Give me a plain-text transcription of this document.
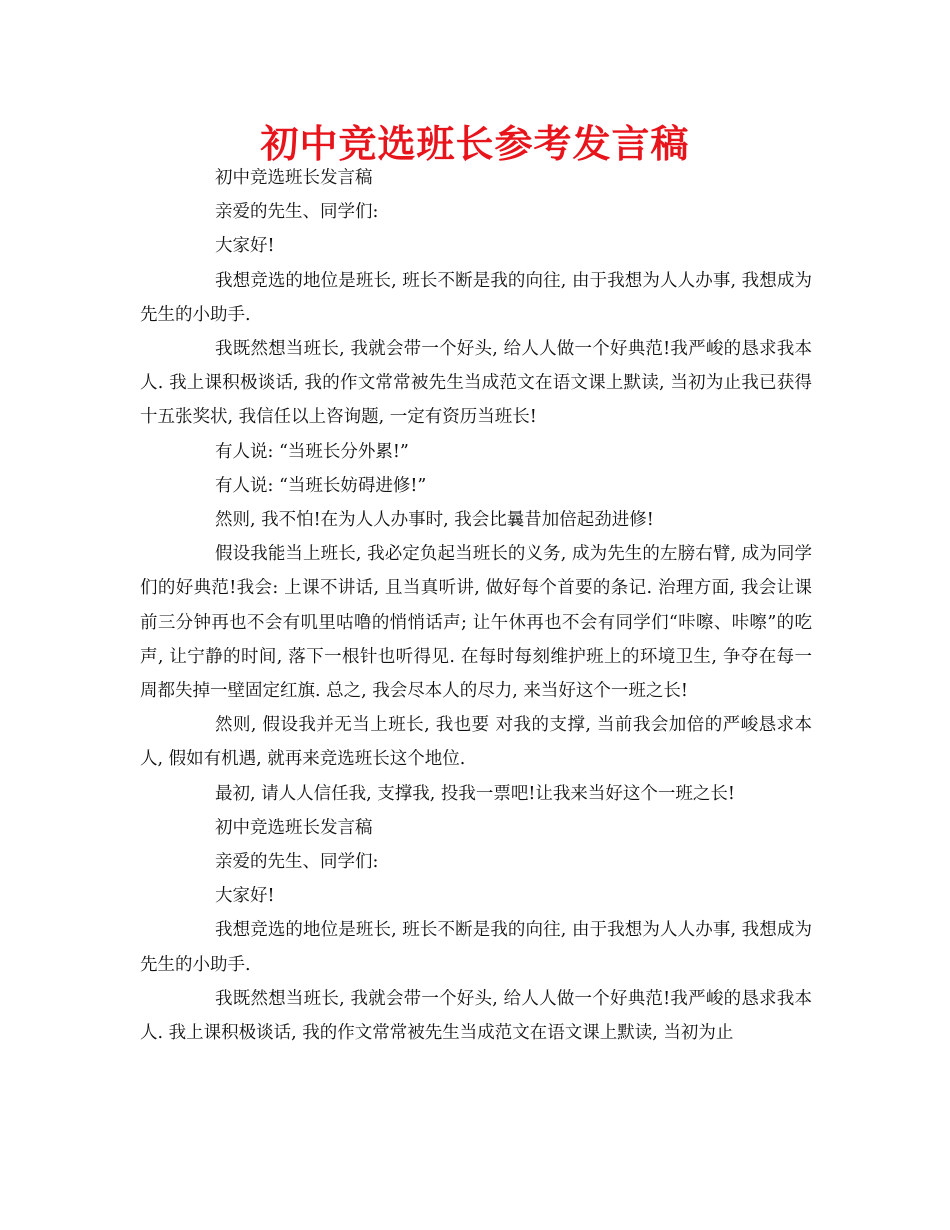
初中竞选班长参考发言稿

初中竞选班长发言稿

亲爱的先生、同学们:

大家好!

我想竞选的地位是班长, 班长不断是我的向往, 由于我想为人人办事, 我想成为先生的小助手.

我既然想当班长, 我就会带一个好头, 给人人做一个好典范!我严峻的恳求我本人. 我上课积极谈话, 我的作文常常被先生当成范文在语文课上默读, 当初为止我已获得十五张奖状, 我信任以上咨询题, 一定有资历当班长!

有人说: “当班长分外累!”

有人说: “当班长妨碍进修!”

然则, 我不怕!在为人人办事时, 我会比曩昔加倍起劲进修!

假设我能当上班长, 我必定负起当班长的义务, 成为先生的左膀右臂, 成为同学们的好典范!我会: 上课不讲话, 且当真听讲, 做好每个首要的条记. 治理方面, 我会让课前三分钟再也不会有叽里咕噜的悄悄话声; 让午休再也不会有同学们“咔嚓、咔嚓”的吃声, 让宁静的时间, 落下一根针也听得见. 在每时每刻维护班上的环境卫生, 争夺在每一周都失掉一壁固定红旗. 总之, 我会尽本人的尽力, 来当好这个一班之长!

然则, 假设我并无当上班长, 我也要 对我的支撑, 当前我会加倍的严峻恳求本人, 假如有机遇, 就再来竞选班长这个地位.

最初, 请人人信任我, 支撑我, 投我一票吧!让我来当好这个一班之长!

初中竞选班长发言稿

亲爱的先生、同学们:

大家好!

我想竞选的地位是班长, 班长不断是我的向往, 由于我想为人人办事, 我想成为先生的小助手.

我既然想当班长, 我就会带一个好头, 给人人做一个好典范!我严峻的恳求我本人. 我上课积极谈话, 我的作文常常被先生当成范文在语文课上默读, 当初为止
